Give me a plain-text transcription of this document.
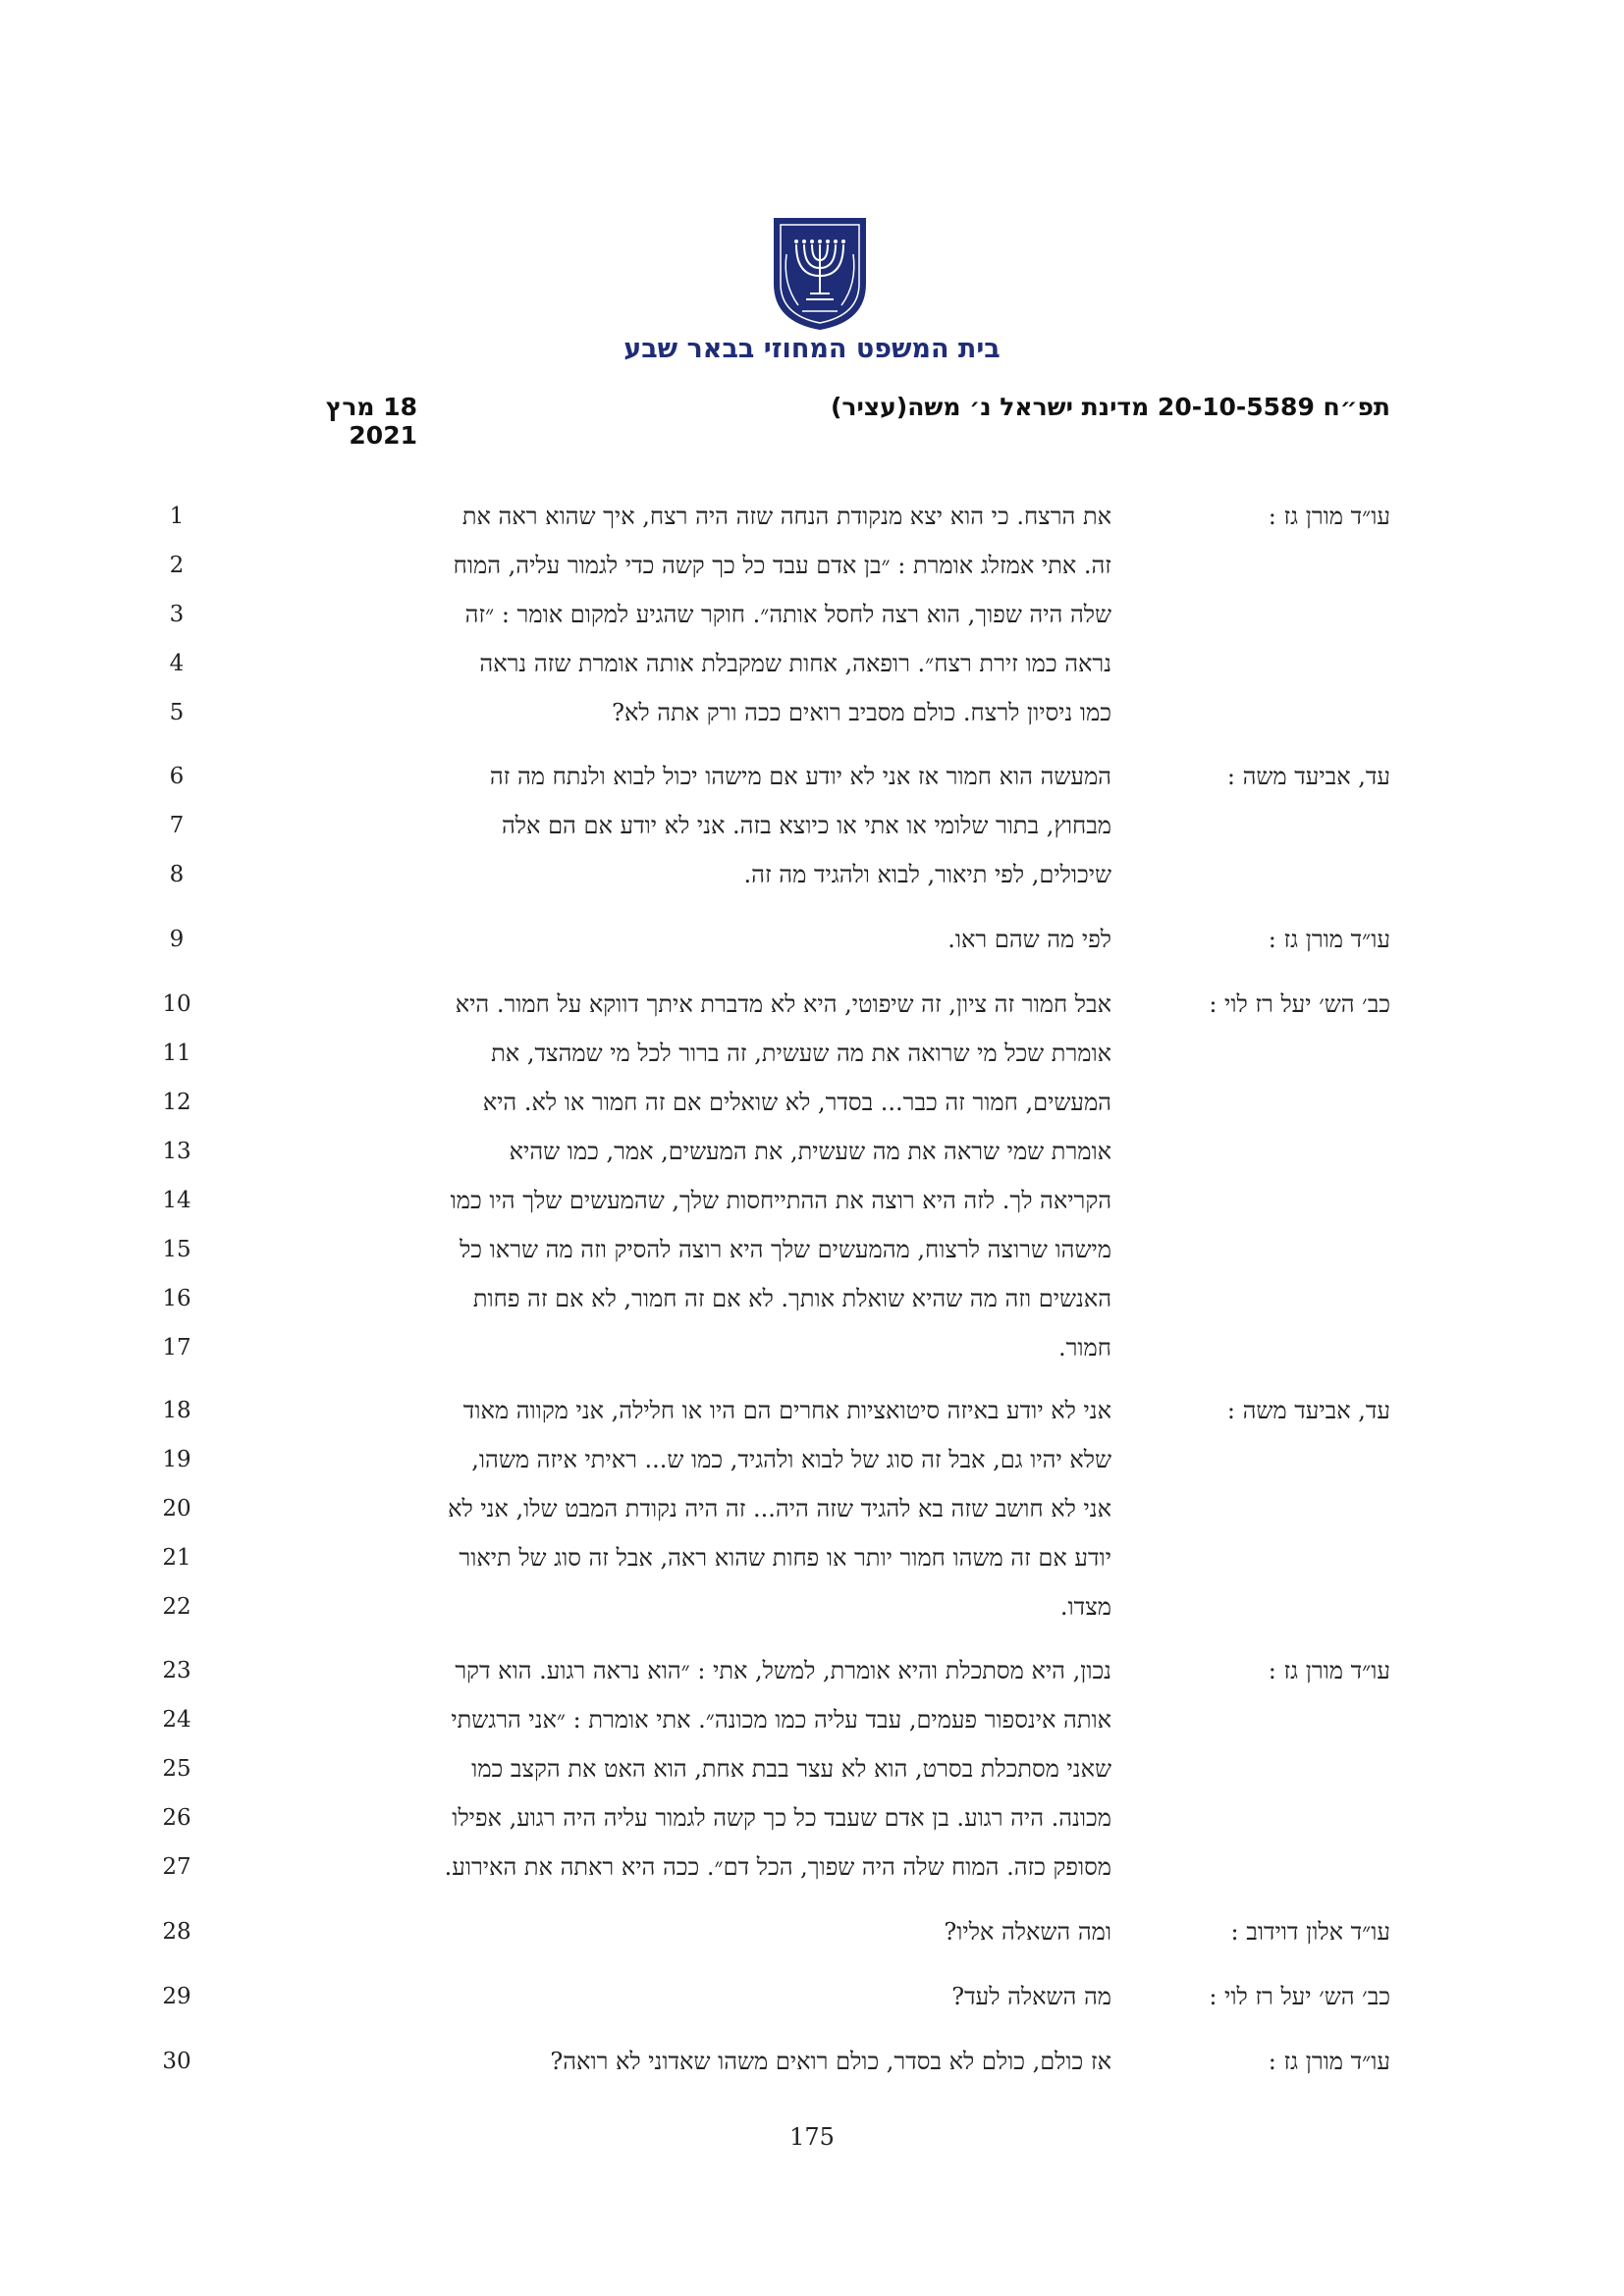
בית המשפט המחוזי בבאר שבע
תפ״ח 20-10-5589 מדינת ישראל נ׳ משה(עציר)
18 מרץ 2021
עו״ד מורן גז :
1	את הרצח. כי הוא יצא מנקודת הנחה שזה היה רצח, איך שהוא ראה את
2	זה. אתי אמזלג אומרת : ״בן אדם עבד כל כך קשה כדי לגמור עליה, המוח
3	שלה היה שפוך, הוא רצה לחסל אותה״. חוקר שהגיע למקום אומר : ״זה
4	נראה כמו זירת רצח״. רופאה, אחות שמקבלת אותה אומרת שזה נראה
5	כמו ניסיון לרצח. כולם מסביב רואים ככה ורק אתה לא?
עד, אביעד משה :
6	המעשה הוא חמור אז אני לא יודע אם מישהו יכול לבוא ולנתח מה זה
7	מבחוץ, בתור שלומי או אתי או כיוצא בזה. אני לא יודע אם הם אלה
8	שיכולים, לפי תיאור, לבוא ולהגיד מה זה.
עו״ד מורן גז :
9	לפי מה שהם ראו.
כב׳ הש׳ יעל רז לוי :
10	אבל חמור זה ציון, זה שיפוטי, היא לא מדברת איתך דווקא על חמור. היא
11	אומרת שכל מי שרואה את מה שעשית, זה ברור לכל מי שמהצד, את
12	המעשים, חמור זה כבר... בסדר, לא שואלים אם זה חמור או לא. היא
13	אומרת שמי שראה את מה שעשית, את המעשים, אמר, כמו שהיא
14	הקריאה לך. לזה היא רוצה את ההתייחסות שלך, שהמעשים שלך היו כמו
15	מישהו שרוצה לרצוח, מהמעשים שלך היא רוצה להסיק וזה מה שראו כל
16	האנשים וזה מה שהיא שואלת אותך. לא אם זה חמור, לא אם זה פחות
17	חמור.
עד, אביעד משה :
18	אני לא יודע באיזה סיטואציות אחרים הם היו או חלילה, אני מקווה מאוד
19	שלא יהיו גם, אבל זה סוג של לבוא ולהגיד, כמו ש... ראיתי איזה משהו,
20	אני לא חושב שזה בא להגיד שזה היה... זה היה נקודת המבט שלו, אני לא
21	יודע אם זה משהו חמור יותר או פחות שהוא ראה, אבל זה סוג של תיאור
22	מצדו.
עו״ד מורן גז :
23	נכון, היא מסתכלת והיא אומרת, למשל, אתי : ״הוא נראה רגוע. הוא דקר
24	אותה אינספור פעמים, עבד עליה כמו מכונה״. אתי אומרת : ״אני הרגשתי
25	שאני מסתכלת בסרט, הוא לא עצר בבת אחת, הוא האט את הקצב כמו
26	מכונה. היה רגוע. בן אדם שעבד כל כך קשה לגמור עליה היה רגוע, אפילו
27	מסופק כזה. המוח שלה היה שפוך, הכל דם״. ככה היא ראתה את האירוע.
עו״ד אלון דוידוב :
28	ומה השאלה אליו?
כב׳ הש׳ יעל רז לוי :
29	מה השאלה לעד?
עו״ד מורן גז :
30	אז כולם, כולם לא בסדר, כולם רואים משהו שאדוני לא רואה?
175
